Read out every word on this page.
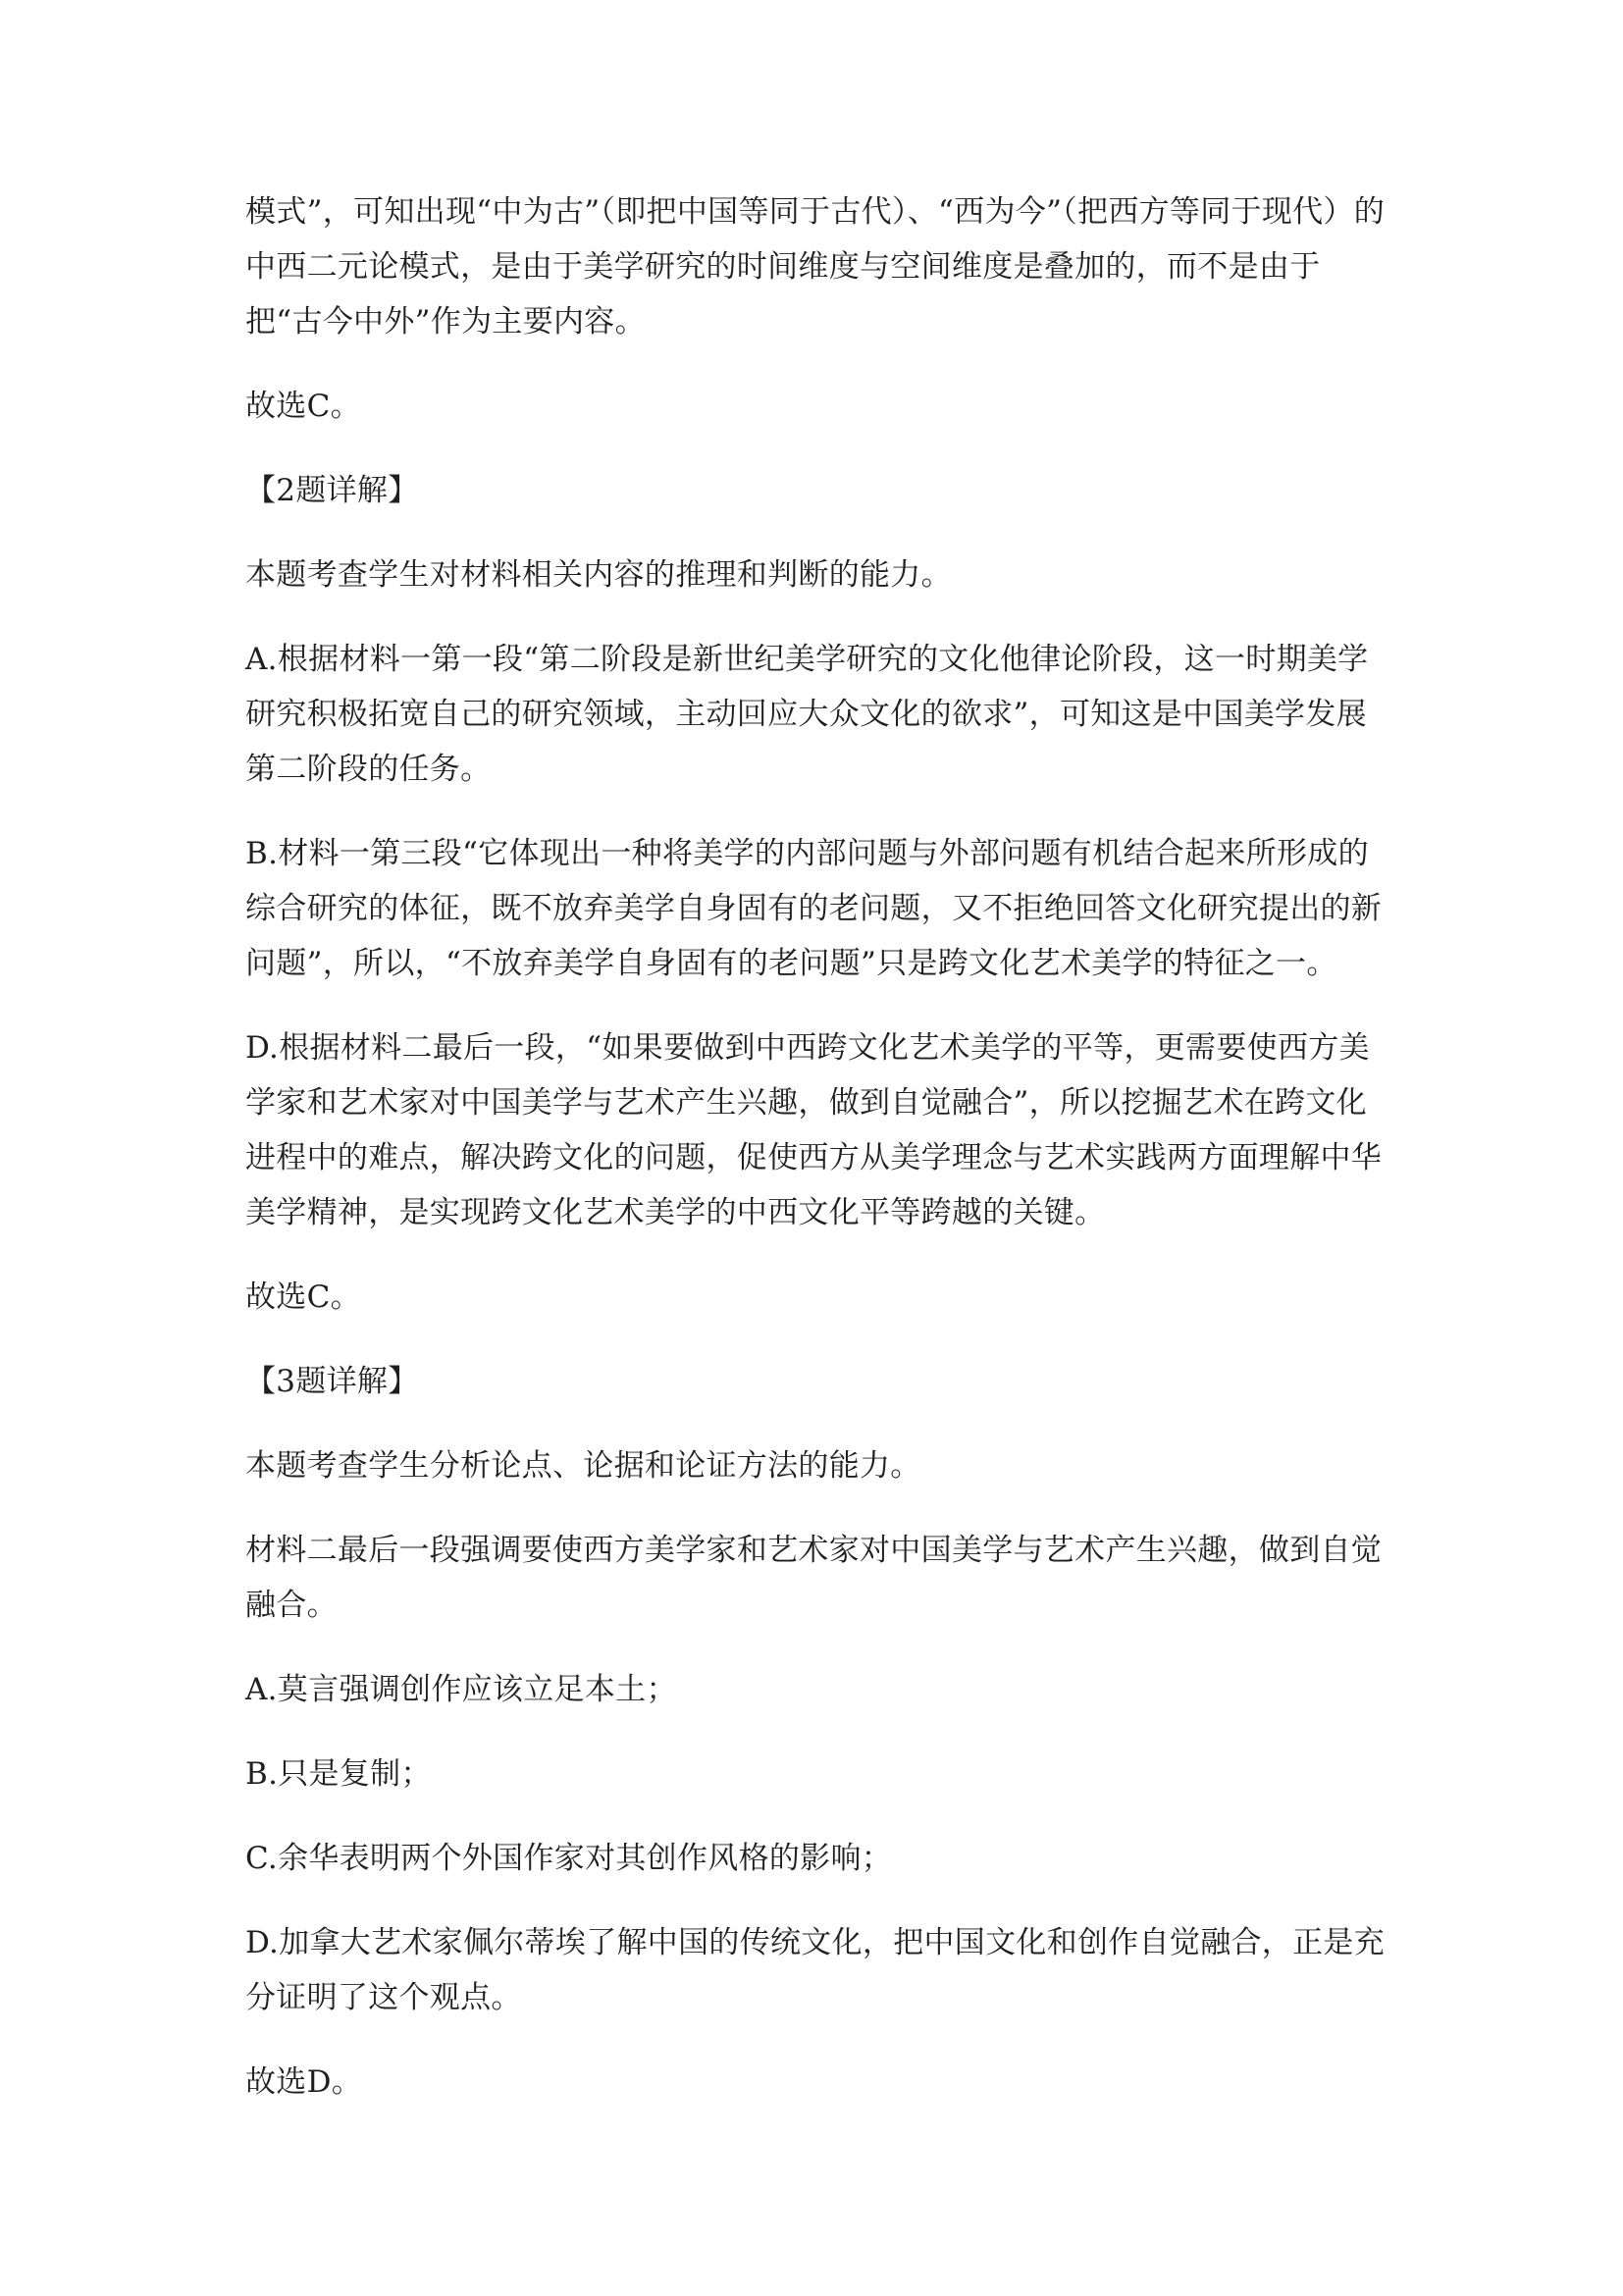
模式”，可知出现“中为古”（即把中国等同于古代）、“西为今”（把西方等同于现代）的中西二元论模式，是由于美学研究的时间维度与空间维度是叠加的，而不是由于把“古今中外”作为主要内容。

故选C。

【2题详解】

本题考查学生对材料相关内容的推理和判断的能力。

A.根据材料一第一段“第二阶段是新世纪美学研究的文化他律论阶段，这一时期美学研究积极拓宽自己的研究领域，主动回应大众文化的欲求”，可知这是中国美学发展第二阶段的任务。

B.材料一第三段“它体现出一种将美学的内部问题与外部问题有机结合起来所形成的综合研究的体征，既不放弃美学自身固有的老问题，又不拒绝回答文化研究提出的新问题”，所以，“不放弃美学自身固有的老问题”只是跨文化艺术美学的特征之一。

D.根据材料二最后一段，“如果要做到中西跨文化艺术美学的平等，更需要使西方美学家和艺术家对中国美学与艺术产生兴趣，做到自觉融合”，所以挖掘艺术在跨文化进程中的难点，解决跨文化的问题，促使西方从美学理念与艺术实践两方面理解中华美学精神，是实现跨文化艺术美学的中西文化平等跨越的关键。

故选C。

【3题详解】

本题考查学生分析论点、论据和论证方法的能力。

材料二最后一段强调要使西方美学家和艺术家对中国美学与艺术产生兴趣，做到自觉融合。

A.莫言强调创作应该立足本土；

B.只是复制；

C.余华表明两个外国作家对其创作风格的影响；

D.加拿大艺术家佩尔蒂埃了解中国的传统文化，把中国文化和创作自觉融合，正是充分证明了这个观点。

故选D。
